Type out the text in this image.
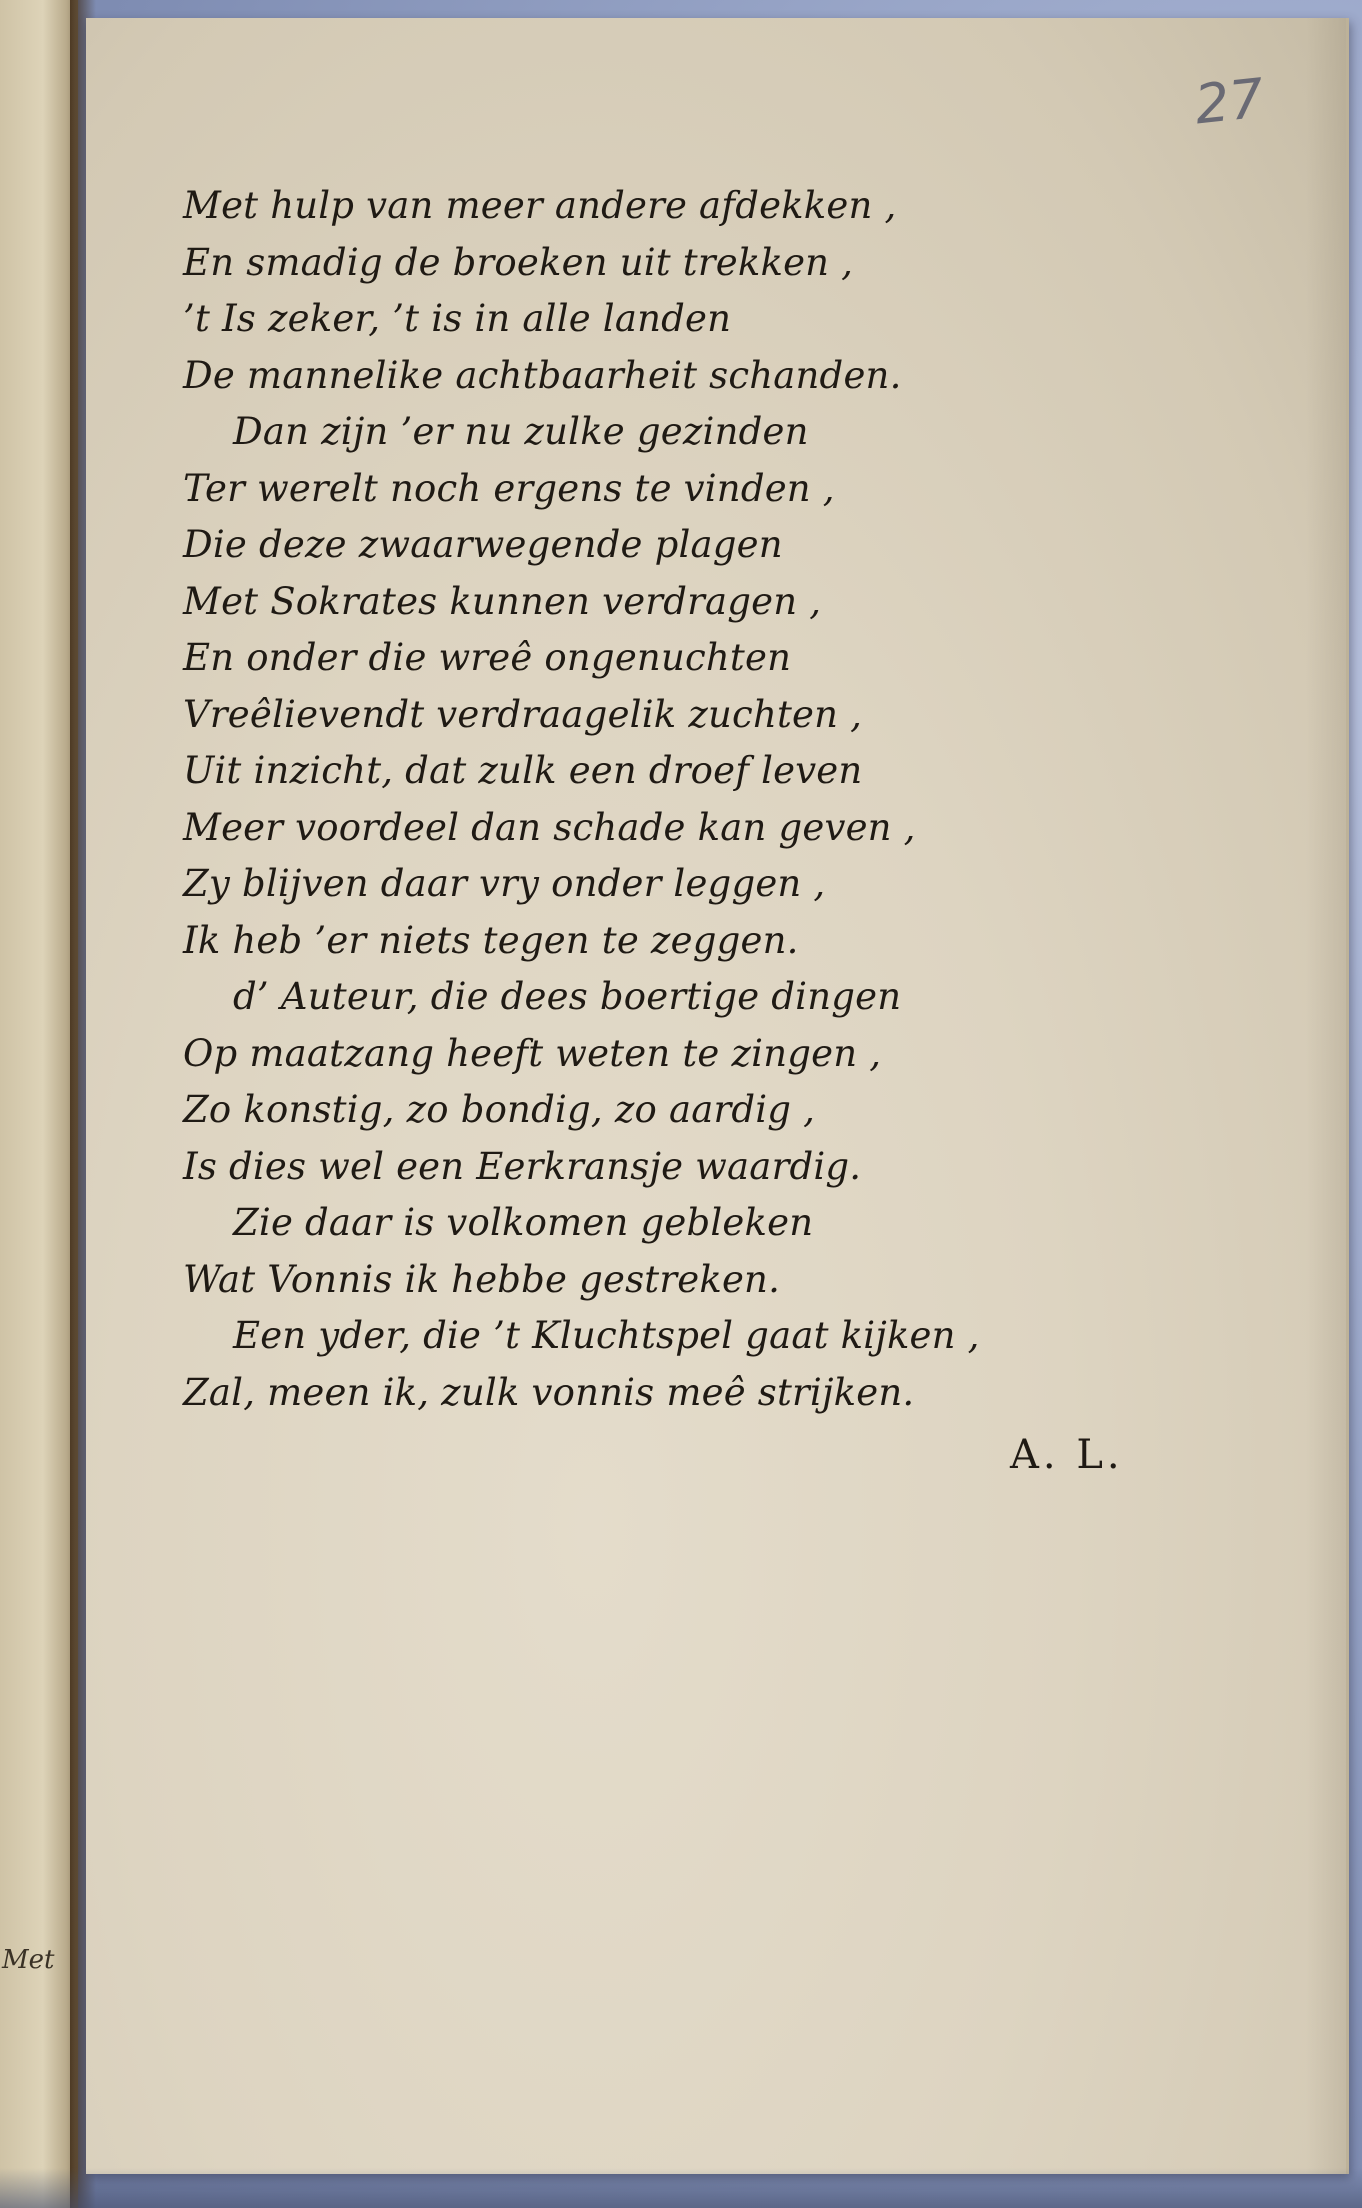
Met
27
Met hulp van meer andere afdekken ,
En smadig de broeken uit trekken ,
’t Is zeker, ’t is in alle landen
De mannelike achtbaarheit schanden.
Dan zijn ’er nu zulke gezinden
Ter werelt noch ergens te vinden ,
Die deze zwaarwegende plagen
Met Sokrates kunnen verdragen ,
En onder die wreê ongenuchten
Vreêlievendt verdraagelik zuchten ,
Uit inzicht, dat zulk een droef leven
Meer voordeel dan schade kan geven ,
Zy blijven daar vry onder leggen ,
Ik heb ’er niets tegen te zeggen.
d’ Auteur, die dees boertige dingen
Op maatzang heeft weten te zingen ,
Zo konstig, zo bondig, zo aardig ,
Is dies wel een Eerkransje waardig.
Zie daar is volkomen gebleken
Wat Vonnis ik hebbe gestreken.
Een yder, die ’t Kluchtspel gaat kijken ,
Zal, meen ik, zulk vonnis meê strijken.
A. L.
